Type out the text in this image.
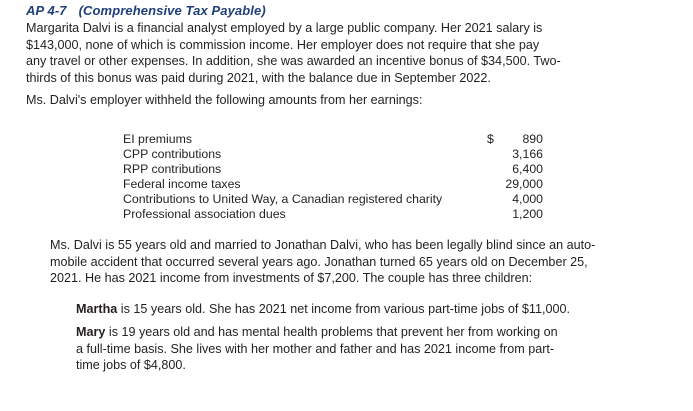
AP 4-7 (Comprehensive Tax Payable)

Margarita Dalvi is a financial analyst employed by a large public company. Her 2021 salary is
$143,000, none of which is commission income. Her employer does not require that she pay
any travel or other expenses. In addition, she was awarded an incentive bonus of $34,500. Two-
thirds of this bonus was paid during 2021, with the balance due in September 2022.

Ms. Dalvi's employer withheld the following amounts from her earnings:

EI premiums	$ 890
CPP contributions	3,166
RPP contributions	6,400
Federal income taxes	29,000
Contributions to United Way, a Canadian registered charity	4,000
Professional association dues	1,200

Ms. Dalvi is 55 years old and married to Jonathan Dalvi, who has been legally blind since an auto-
mobile accident that occurred several years ago. Jonathan turned 65 years old on December 25,
2021. He has 2021 income from investments of $7,200. The couple has three children:

Martha is 15 years old. She has 2021 net income from various part-time jobs of $11,000.

Mary is 19 years old and has mental health problems that prevent her from working on
a full-time basis. She lives with her mother and father and has 2021 income from part-
time jobs of $4,800.
